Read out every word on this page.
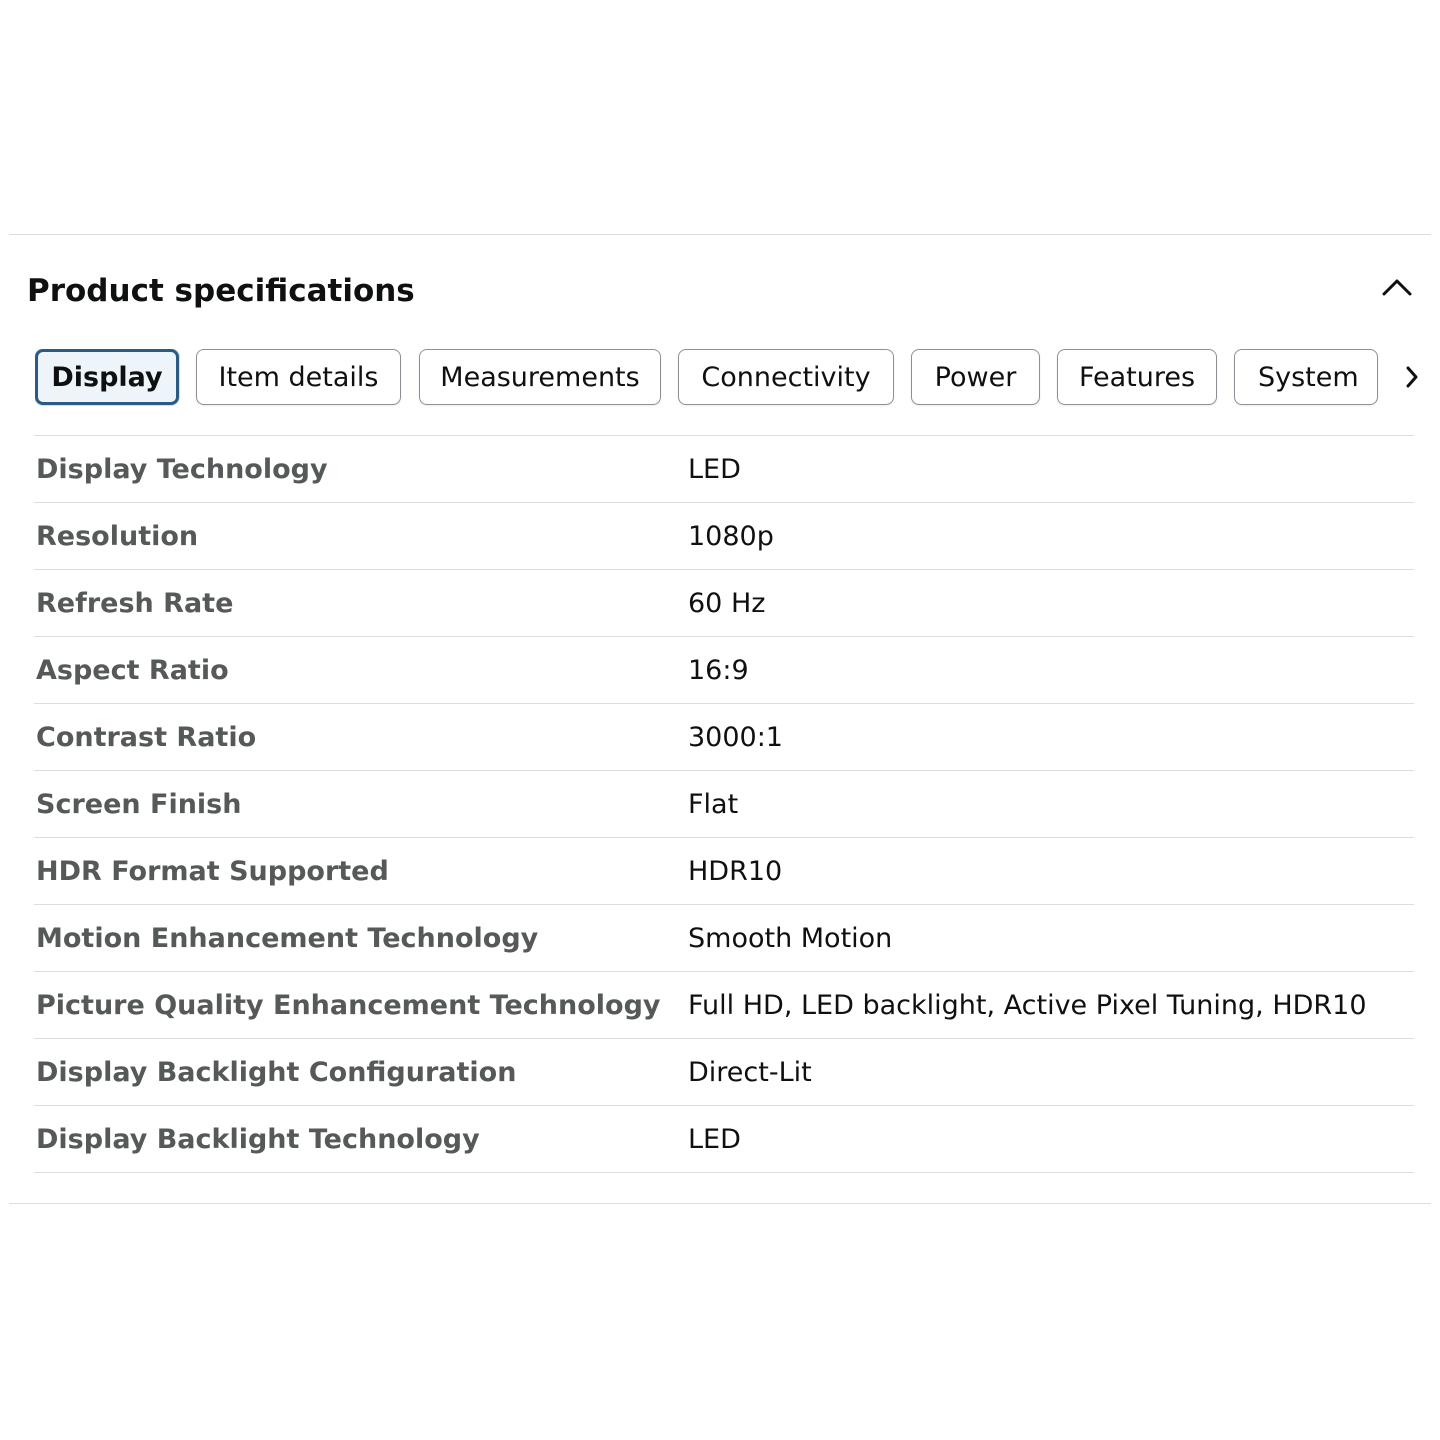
Product specifications
Display	Item details	Measurements	Connectivity	Power	Features	System
Display Technology	LED
Resolution	1080p
Refresh Rate	60 Hz
Aspect Ratio	16:9
Contrast Ratio	3000:1
Screen Finish	Flat
HDR Format Supported	HDR10
Motion Enhancement Technology	Smooth Motion
Picture Quality Enhancement Technology	Full HD, LED backlight, Active Pixel Tuning, HDR10
Display Backlight Configuration	Direct-Lit
Display Backlight Technology	LED
